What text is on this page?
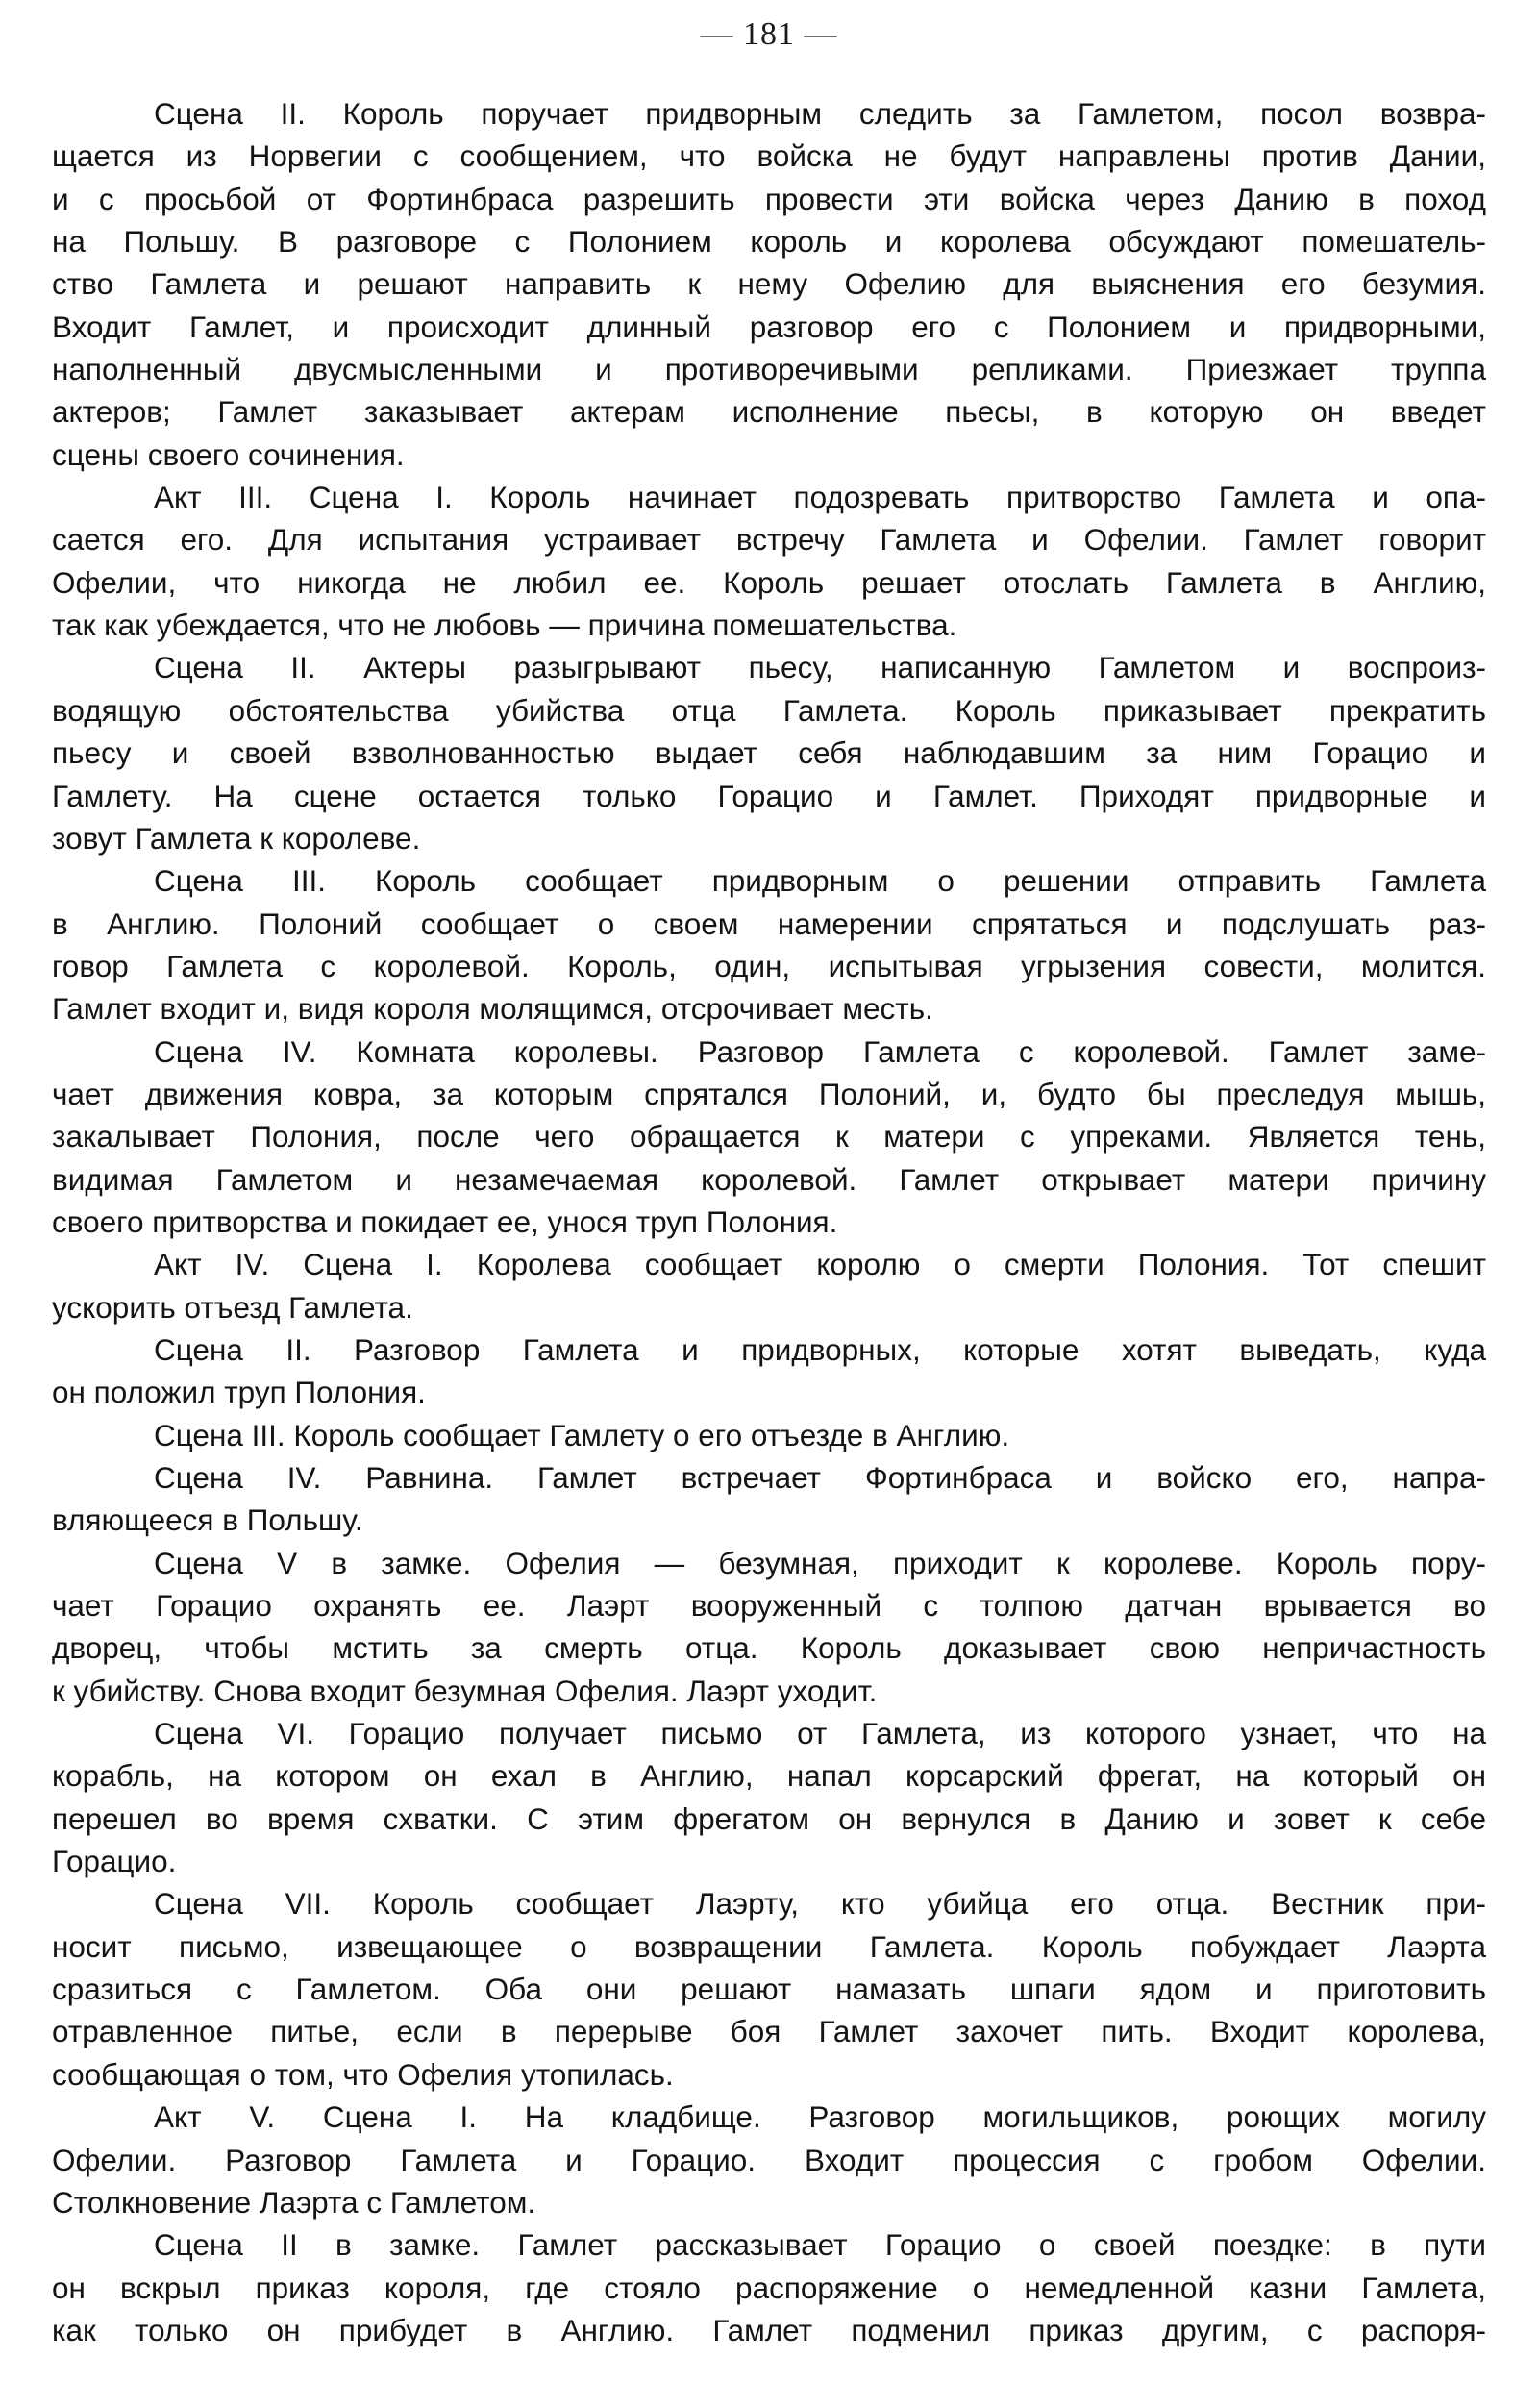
— 181 —
Сцена II. Король поручает придворным следить за Гамлетом, посол возвра-
щается из Норвегии с сообщением, что войска не будут направлены против Дании,
и с просьбой от Фортинбраса разрешить провести эти войска через Данию в поход
на Польшу. В разговоре с Полонием король и королева обсуждают помешатель-
ство Гамлета и решают направить к нему Офелию для выяснения его безумия.
Входит Гамлет, и происходит длинный разговор его с Полонием и придворными,
наполненный двусмысленными и противоречивыми репликами. Приезжает труппа
актеров; Гамлет заказывает актерам исполнение пьесы, в которую он введет
сцены своего сочинения.
Акт III. Сцена I. Король начинает подозревать притворство Гамлета и опа-
сается его. Для испытания устраивает встречу Гамлета и Офелии. Гамлет говорит
Офелии, что никогда не любил ее. Король решает отослать Гамлета в Англию,
так как убеждается, что не любовь — причина помешательства.
Сцена II. Актеры разыгрывают пьесу, написанную Гамлетом и воспроиз-
водящую обстоятельства убийства отца Гамлета. Король приказывает прекратить
пьесу и своей взволнованностью выдает себя наблюдавшим за ним Горацио и
Гамлету. На сцене остается только Горацио и Гамлет. Приходят придворные и
зовут Гамлета к королеве.
Сцена III. Король сообщает придворным о решении отправить Гамлета
в Англию. Полоний сообщает о своем намерении спрятаться и подслушать раз-
говор Гамлета с королевой. Король, один, испытывая угрызения совести, молится.
Гамлет входит и, видя короля молящимся, отсрочивает месть.
Сцена IV. Комната королевы. Разговор Гамлета с королевой. Гамлет заме-
чает движения ковра, за которым спрятался Полоний, и, будто бы преследуя мышь,
закалывает Полония, после чего обращается к матери с упреками. Является тень,
видимая Гамлетом и незамечаемая королевой. Гамлет открывает матери причину
своего притворства и покидает ее, унося труп Полония.
Акт IV. Сцена I. Королева сообщает королю о смерти Полония. Тот спешит
ускорить отъезд Гамлета.
Сцена II. Разговор Гамлета и придворных, которые хотят выведать, куда
он положил труп Полония.
Сцена III. Король сообщает Гамлету о его отъезде в Англию.
Сцена IV. Равнина. Гамлет встречает Фортинбраса и войско его, напра-
вляющееся в Польшу.
Сцена V в замке. Офелия — безумная, приходит к королеве. Король пору-
чает Горацио охранять ее. Лаэрт вооруженный с толпою датчан врывается во
дворец, чтобы мстить за смерть отца. Король доказывает свою непричастность
к убийству. Снова входит безумная Офелия. Лаэрт уходит.
Сцена VI. Горацио получает письмо от Гамлета, из которого узнает, что на
корабль, на котором он ехал в Англию, напал корсарский фрегат, на который он
перешел во время схватки. С этим фрегатом он вернулся в Данию и зовет к себе
Горацио.
Сцена VII. Король сообщает Лаэрту, кто убийца его отца. Вестник при-
носит письмо, извещающее о возвращении Гамлета. Король побуждает Лаэрта
сразиться с Гамлетом. Оба они решают намазать шпаги ядом и приготовить
отравленное питье, если в перерыве боя Гамлет захочет пить. Входит королева,
сообщающая о том, что Офелия утопилась.
Акт V. Сцена I. На кладбище. Разговор могильщиков, роющих могилу
Офелии. Разговор Гамлета и Горацио. Входит процессия с гробом Офелии.
Столкновение Лаэрта с Гамлетом.
Сцена II в замке. Гамлет рассказывает Горацио о своей поездке: в пути
он вскрыл приказ короля, где стояло распоряжение о немедленной казни Гамлета,
как только он прибудет в Англию. Гамлет подменил приказ другим, с распоря-
